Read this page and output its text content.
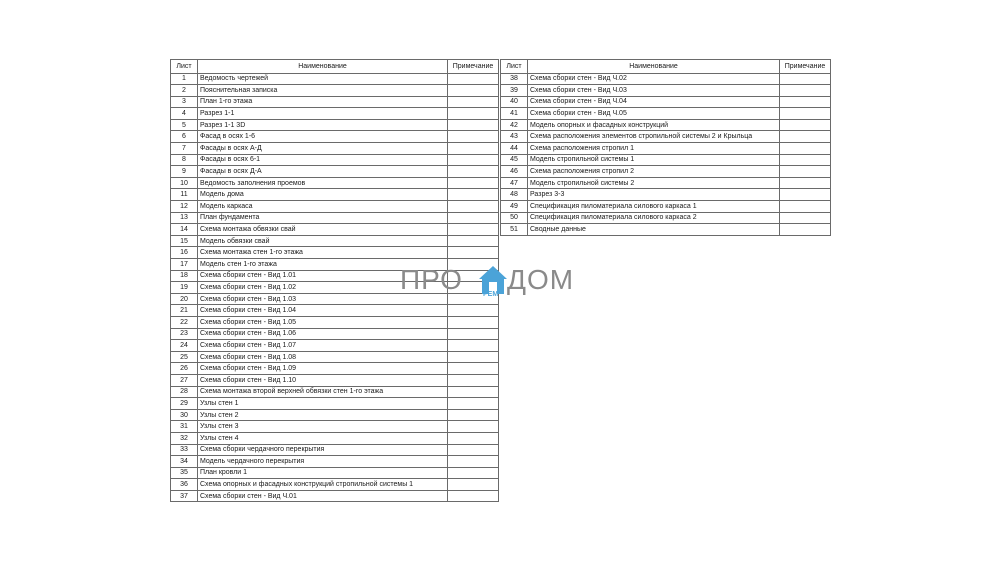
Лист	Наименование	Примечание
1	Ведомость чертежей	
2	Пояснительная записка	
3	План 1-го этажа	
4	Разрез 1-1	
5	Разрез 1-1 3D	
6	Фасад в осях 1-6	
7	Фасады в осях А-Д	
8	Фасады в осях 6-1	
9	Фасады в осях Д-А	
10	Ведомость заполнения проемов	
11	Модель дома	
12	Модель каркаса	
13	План фундамента	
14	Схема монтажа обвязки свай	
15	Модель обвязки свай	
16	Схема монтажа стен 1-го этажа	
17	Модель стен 1-го этажа	
18	Схема сборки стен - Вид 1.01	
19	Схема сборки стен - Вид 1.02	
20	Схема сборки стен - Вид 1.03	
21	Схема сборки стен - Вид 1.04	
22	Схема сборки стен - Вид 1.05	
23	Схема сборки стен - Вид 1.06	
24	Схема сборки стен - Вид 1.07	
25	Схема сборки стен - Вид 1.08	
26	Схема сборки стен - Вид 1.09	
27	Схема сборки стен - Вид 1.10	
28	Схема монтажа второй верхней обвязки стен 1-го этажа	
29	Узлы стен 1	
30	Узлы стен 2	
31	Узлы стен 3	
32	Узлы стен 4	
33	Схема сборки чердачного перекрытия	
34	Модель чердачного перекрытия	
35	План кровли 1	
36	Схема опорных и фасадных конструкций стропильной системы 1	
37	Схема сборки стен - Вид Ч.01	
Лист	Наименование	Примечание
38	Схема сборки стен - Вид Ч.02	
39	Схема сборки стен - Вид Ч.03	
40	Схема сборки стен - Вид Ч.04	
41	Схема сборки стен - Вид Ч.05	
42	Модель опорных и фасадных конструкций	
43	Схема расположения элементов стропильной системы 2 и Крыльца	
44	Схема расположения стропил 1	
45	Модель стропильной системы 1	
46	Схема расположения стропил 2	
47	Модель стропильной системы 2	
48	Разрез 3-3	
49	Спецификация пиломатериала силового каркаса 1	
50	Спецификация пиломатериала силового каркаса 2	
51	Сводные данные	
ПРО	РЕМ ДОМ
